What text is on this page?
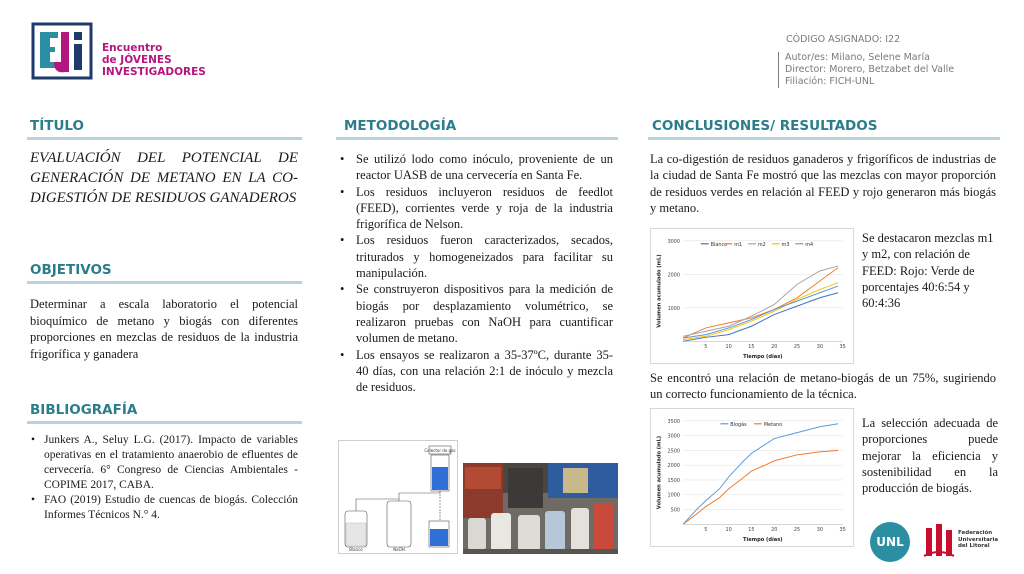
Encuentro
de JÓVENES
INVESTIGADORES
CÓDIGO ASIGNADO: I22
Autor/es: Milano, Selene María
Director: Morero, Betzabet del Valle
Filiación: FICH-UNL
TÍTULO
EVALUACIÓN DEL POTENCIAL DE GENERACIÓN DE METANO EN LA CO-DIGESTIÓN DE RESIDUOS GANADEROS
OBJETIVOS
Determinar a escala laboratorio el potencial bioquímico de metano y biogás con diferentes proporciones en mezclas de residuos de la industria frigorífica y ganadera
BIBLIOGRAFÍA
• Junkers A., Seluy L.G. (2017). Impacto de variables operativas en el tratamiento anaerobio de efluentes de cervecería. 6° Congreso de Ciencias Ambientales - COPIME 2017, CABA.
• FAO (2019) Estudio de cuencas de biogás. Colección Informes Técnicos N.° 4.
METODOLOGÍA
• Se utilizó lodo como inóculo, proveniente de un reactor UASB de una cervecería en Santa Fe.
• Los residuos incluyeron residuos de feedlot (FEED), corrientes verde y roja de la industria frigorífica de Nelson.
• Los residuos fueron caracterizados, secados, triturados y homogeneizados para facilitar su manipulación.
• Se construyeron dispositivos para la medición de biogás por desplazamiento volumétrico, se realizaron pruebas con NaOH para cuantificar volumen de metano.
• Los ensayos se realizaron a 35-37ºC, durante 35-40 días, con una relación 2:1 de inóculo y mezcla de residuos.
Colector de gas
Blanco	NaOH
CONCLUSIONES/ RESULTADOS
La co-digestión de residuos ganaderos y frigoríficos de industrias de la ciudad de Santa Fe mostró que las mezclas con mayor proporción de residuos verdes en relación al FEED y rojo generaron más biogás y metano.
1000
2000
3000
5	10	15	20	25	30	35
Tiempo (días)
Volumen acumulado (mL)
Blanco m1	m2	m3	m4	Se destacaron mezclas m1 y m2, con relación de FEED: Rojo: Verde de porcentajes 40:6:54 y 60:4:36
Se encontró una relación de metano-biogás de un 75%, sugiriendo un correcto funcionamiento de la técnica.
500
1000
1500
2000
2500
3000
3500
5	10	15	20	25	30	35
Tiempo (días)
Volumen acumulado (mL)
Biogás	Metano	La selección adecuada de proporciones puede mejorar la eficiencia y sostenibilidad en la producción de biogás.
UNL
Federación
Universitaria
del Litoral
